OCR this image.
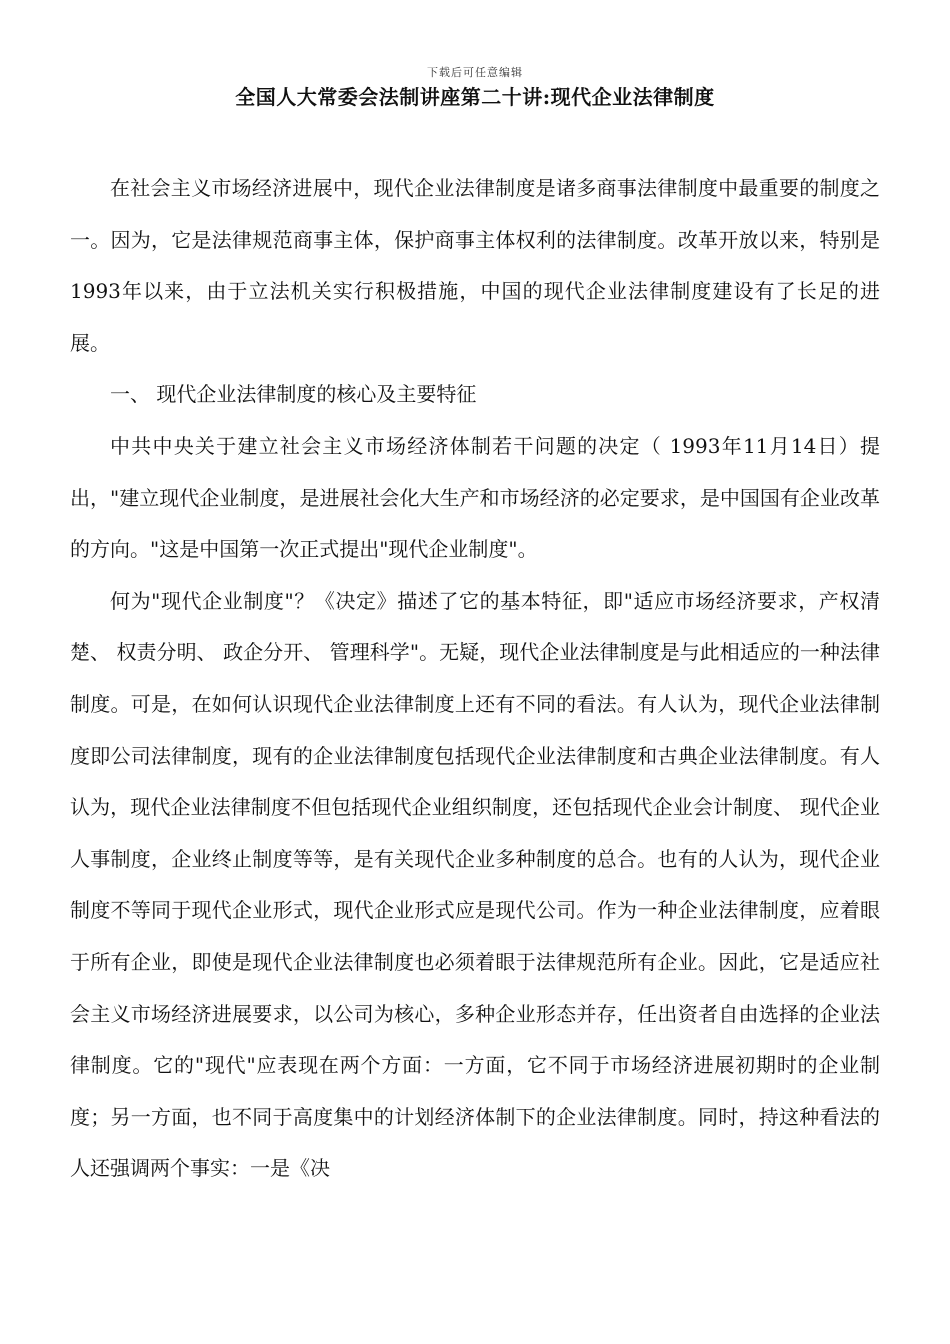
下载后可任意编辑
全国人大常委会法制讲座第二十讲:现代企业法律制度

在社会主义市场经济进展中，现代企业法律制度是诸多商事法律制度中最重要的制度之一。因为，它是法律规范商事主体，保护商事主体权利的法律制度。改革开放以来，特别是1993年以来，由于立法机关实行积极措施，中国的现代企业法律制度建设有了长足的进展。

一、 现代企业法律制度的核心及主要特征

中共中央关于建立社会主义市场经济体制若干问题的决定（ 1993年11月14日）提出，"建立现代企业制度，是进展社会化大生产和市场经济的必定要求，是中国国有企业改革的方向。"这是中国第一次正式提出"现代企业制度"。

何为"现代企业制度"？《决定》描述了它的基本特征，即"适应市场经济要求，产权清楚、 权责分明、 政企分开、 管理科学"。无疑，现代企业法律制度是与此相适应的一种法律制度。可是，在如何认识现代企业法律制度上还有不同的看法。有人认为，现代企业法律制度即公司法律制度，现有的企业法律制度包括现代企业法律制度和古典企业法律制度。有人认为，现代企业法律制度不但包括现代企业组织制度，还包括现代企业会计制度、 现代企业人事制度，企业终止制度等等，是有关现代企业多种制度的总合。也有的人认为，现代企业制度不等同于现代企业形式，现代企业形式应是现代公司。作为一种企业法律制度，应着眼于所有企业，即使是现代企业法律制度也必须着眼于法律规范所有企业。因此，它是适应社会主义市场经济进展要求，以公司为核心，多种企业形态并存，任出资者自由选择的企业法律制度。它的"现代"应表现在两个方面：一方面，它不同于市场经济进展初期时的企业制度；另一方面，也不同于高度集中的计划经济体制下的企业法律制度。同时，持这种看法的人还强调两个事实：一是《决
